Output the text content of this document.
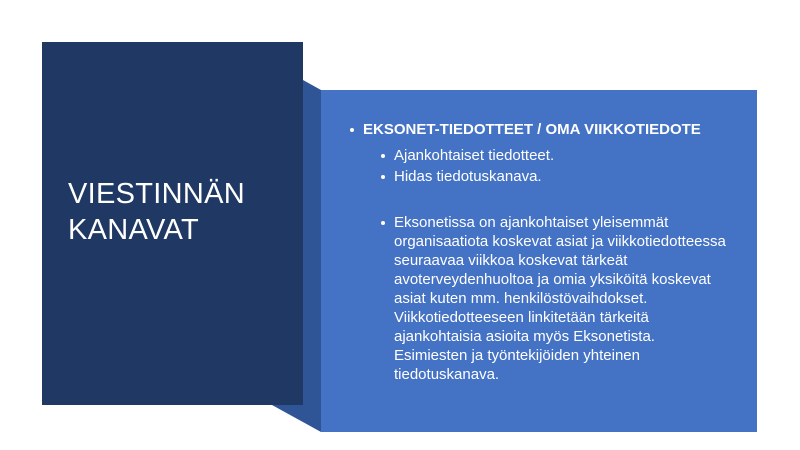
VIESTINNÄN
KANAVAT
EKSONET-TIEDOTTEET / OMA VIIKKOTIEDOTE
Ajankohtaiset tiedotteet.
Hidas tiedotuskanava.
Eksonetissa on ajankohtaiset yleisemmät organisaatiota koskevat asiat ja viikkotiedotteessa seuraavaa viikkoa koskevat tärkeät avoterveydenhuoltoa ja omia yksiköitä koskevat asiat kuten mm. henkilöstövaihdokset. Viikkotiedotteeseen linkitetään tärkeitä ajankohtaisia asioita myös Eksonetista. Esimiesten ja työntekijöiden yhteinen tiedotuskanava.
